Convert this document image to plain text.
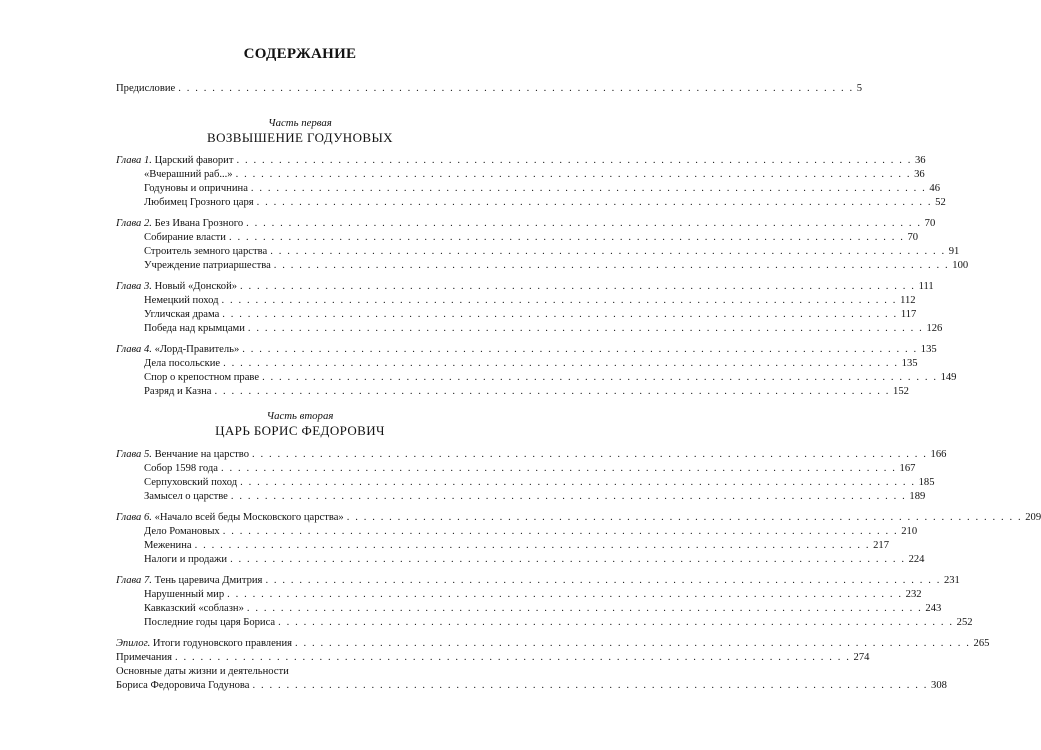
СОДЕРЖАНИЕ
Предисловие . . . . . . . . . . . . . . . . . . . . . . . . . . . . . . . . . . . . . . . . . . . . . . . . . . . . . . . . . . . . . . . . . . . . . . . . . . . . . . . . 5
Часть первая
ВОЗВЫШЕНИЕ ГОДУНОВЫХ
Глава 1. Царский фаворит . . . . . . . . . . . . . . . . . . . . . . . . . . . . . . . . . . . . . . . . . . . . . . . . . . . . . . . . . . . . . . . . . . . . . . . . . . . . . . . . 36
«Вчерашний раб...» . . . . . . . . . . . . . . . . . . . . . . . . . . . . . . . . . . . . . . . . . . . . . . . . . . . . . . . . . . . . . . . . . . . . . . . . . . . . . . . . 36
Годуновы и опричнина . . . . . . . . . . . . . . . . . . . . . . . . . . . . . . . . . . . . . . . . . . . . . . . . . . . . . . . . . . . . . . . . . . . . . . . . . . . . . . . . 46
Любимец Грозного царя . . . . . . . . . . . . . . . . . . . . . . . . . . . . . . . . . . . . . . . . . . . . . . . . . . . . . . . . . . . . . . . . . . . . . . . . . . . . . . . . 52
Глава 2. Без Ивана Грозного . . . . . . . . . . . . . . . . . . . . . . . . . . . . . . . . . . . . . . . . . . . . . . . . . . . . . . . . . . . . . . . . . . . . . . . . . . . . . . . . 70
Собирание власти . . . . . . . . . . . . . . . . . . . . . . . . . . . . . . . . . . . . . . . . . . . . . . . . . . . . . . . . . . . . . . . . . . . . . . . . . . . . . . . . 70
Строитель земного царства . . . . . . . . . . . . . . . . . . . . . . . . . . . . . . . . . . . . . . . . . . . . . . . . . . . . . . . . . . . . . . . . . . . . . . . . . . . . . . . . 91
Учреждение патриаршества . . . . . . . . . . . . . . . . . . . . . . . . . . . . . . . . . . . . . . . . . . . . . . . . . . . . . . . . . . . . . . . . . . . . . . . . . . . . . . . . 100
Глава 3. Новый «Донской» . . . . . . . . . . . . . . . . . . . . . . . . . . . . . . . . . . . . . . . . . . . . . . . . . . . . . . . . . . . . . . . . . . . . . . . . . . . . . . . . 111
Немецкий поход . . . . . . . . . . . . . . . . . . . . . . . . . . . . . . . . . . . . . . . . . . . . . . . . . . . . . . . . . . . . . . . . . . . . . . . . . . . . . . . . 112
Угличская драма . . . . . . . . . . . . . . . . . . . . . . . . . . . . . . . . . . . . . . . . . . . . . . . . . . . . . . . . . . . . . . . . . . . . . . . . . . . . . . . . 117
Победа над крымцами . . . . . . . . . . . . . . . . . . . . . . . . . . . . . . . . . . . . . . . . . . . . . . . . . . . . . . . . . . . . . . . . . . . . . . . . . . . . . . . . 126
Глава 4. «Лорд-Правитель» . . . . . . . . . . . . . . . . . . . . . . . . . . . . . . . . . . . . . . . . . . . . . . . . . . . . . . . . . . . . . . . . . . . . . . . . . . . . . . . . 135
Дела посольские . . . . . . . . . . . . . . . . . . . . . . . . . . . . . . . . . . . . . . . . . . . . . . . . . . . . . . . . . . . . . . . . . . . . . . . . . . . . . . . . 135
Спор о крепостном праве . . . . . . . . . . . . . . . . . . . . . . . . . . . . . . . . . . . . . . . . . . . . . . . . . . . . . . . . . . . . . . . . . . . . . . . . . . . . . . . . 149
Разряд и Казна . . . . . . . . . . . . . . . . . . . . . . . . . . . . . . . . . . . . . . . . . . . . . . . . . . . . . . . . . . . . . . . . . . . . . . . . . . . . . . . . 152
Часть вторая
ЦАРЬ БОРИС ФЕДОРОВИЧ
Глава 5. Венчание на царство . . . . . . . . . . . . . . . . . . . . . . . . . . . . . . . . . . . . . . . . . . . . . . . . . . . . . . . . . . . . . . . . . . . . . . . . . . . . . . . . 166
Собор 1598 года . . . . . . . . . . . . . . . . . . . . . . . . . . . . . . . . . . . . . . . . . . . . . . . . . . . . . . . . . . . . . . . . . . . . . . . . . . . . . . . . 167
Серпуховский поход . . . . . . . . . . . . . . . . . . . . . . . . . . . . . . . . . . . . . . . . . . . . . . . . . . . . . . . . . . . . . . . . . . . . . . . . . . . . . . . . 185
Замысел о царстве . . . . . . . . . . . . . . . . . . . . . . . . . . . . . . . . . . . . . . . . . . . . . . . . . . . . . . . . . . . . . . . . . . . . . . . . . . . . . . . . 189
Глава 6. «Начало всей беды Московского царства» . . . . . . . . . . . . . . . . . . . . . . . . . . . . . . . . . . . . . . . . . . . . . . . . . . . . . . . . . . . . . . . . . . . . . . . . . . . . . . . . 209
Дело Романовых . . . . . . . . . . . . . . . . . . . . . . . . . . . . . . . . . . . . . . . . . . . . . . . . . . . . . . . . . . . . . . . . . . . . . . . . . . . . . . . . 210
Меженина . . . . . . . . . . . . . . . . . . . . . . . . . . . . . . . . . . . . . . . . . . . . . . . . . . . . . . . . . . . . . . . . . . . . . . . . . . . . . . . . 217
Налоги и продажи . . . . . . . . . . . . . . . . . . . . . . . . . . . . . . . . . . . . . . . . . . . . . . . . . . . . . . . . . . . . . . . . . . . . . . . . . . . . . . . . 224
Глава 7. Тень царевича Дмитрия . . . . . . . . . . . . . . . . . . . . . . . . . . . . . . . . . . . . . . . . . . . . . . . . . . . . . . . . . . . . . . . . . . . . . . . . . . . . . . . . 231
Нарушенный мир . . . . . . . . . . . . . . . . . . . . . . . . . . . . . . . . . . . . . . . . . . . . . . . . . . . . . . . . . . . . . . . . . . . . . . . . . . . . . . . . 232
Кавказский «соблазн» . . . . . . . . . . . . . . . . . . . . . . . . . . . . . . . . . . . . . . . . . . . . . . . . . . . . . . . . . . . . . . . . . . . . . . . . . . . . . . . . 243
Последние годы царя Бориса . . . . . . . . . . . . . . . . . . . . . . . . . . . . . . . . . . . . . . . . . . . . . . . . . . . . . . . . . . . . . . . . . . . . . . . . . . . . . . . . 252
Эпилог. Итоги годуновского правления . . . . . . . . . . . . . . . . . . . . . . . . . . . . . . . . . . . . . . . . . . . . . . . . . . . . . . . . . . . . . . . . . . . . . . . . . . . . . . . . 265
Примечания . . . . . . . . . . . . . . . . . . . . . . . . . . . . . . . . . . . . . . . . . . . . . . . . . . . . . . . . . . . . . . . . . . . . . . . . . . . . . . . . 274
Основные даты жизни и деятельности
Бориса Федоровича Годунова . . . . . . . . . . . . . . . . . . . . . . . . . . . . . . . . . . . . . . . . . . . . . . . . . . . . . . . . . . . . . . . . . . . . . . . . . . . . . . . . 308
